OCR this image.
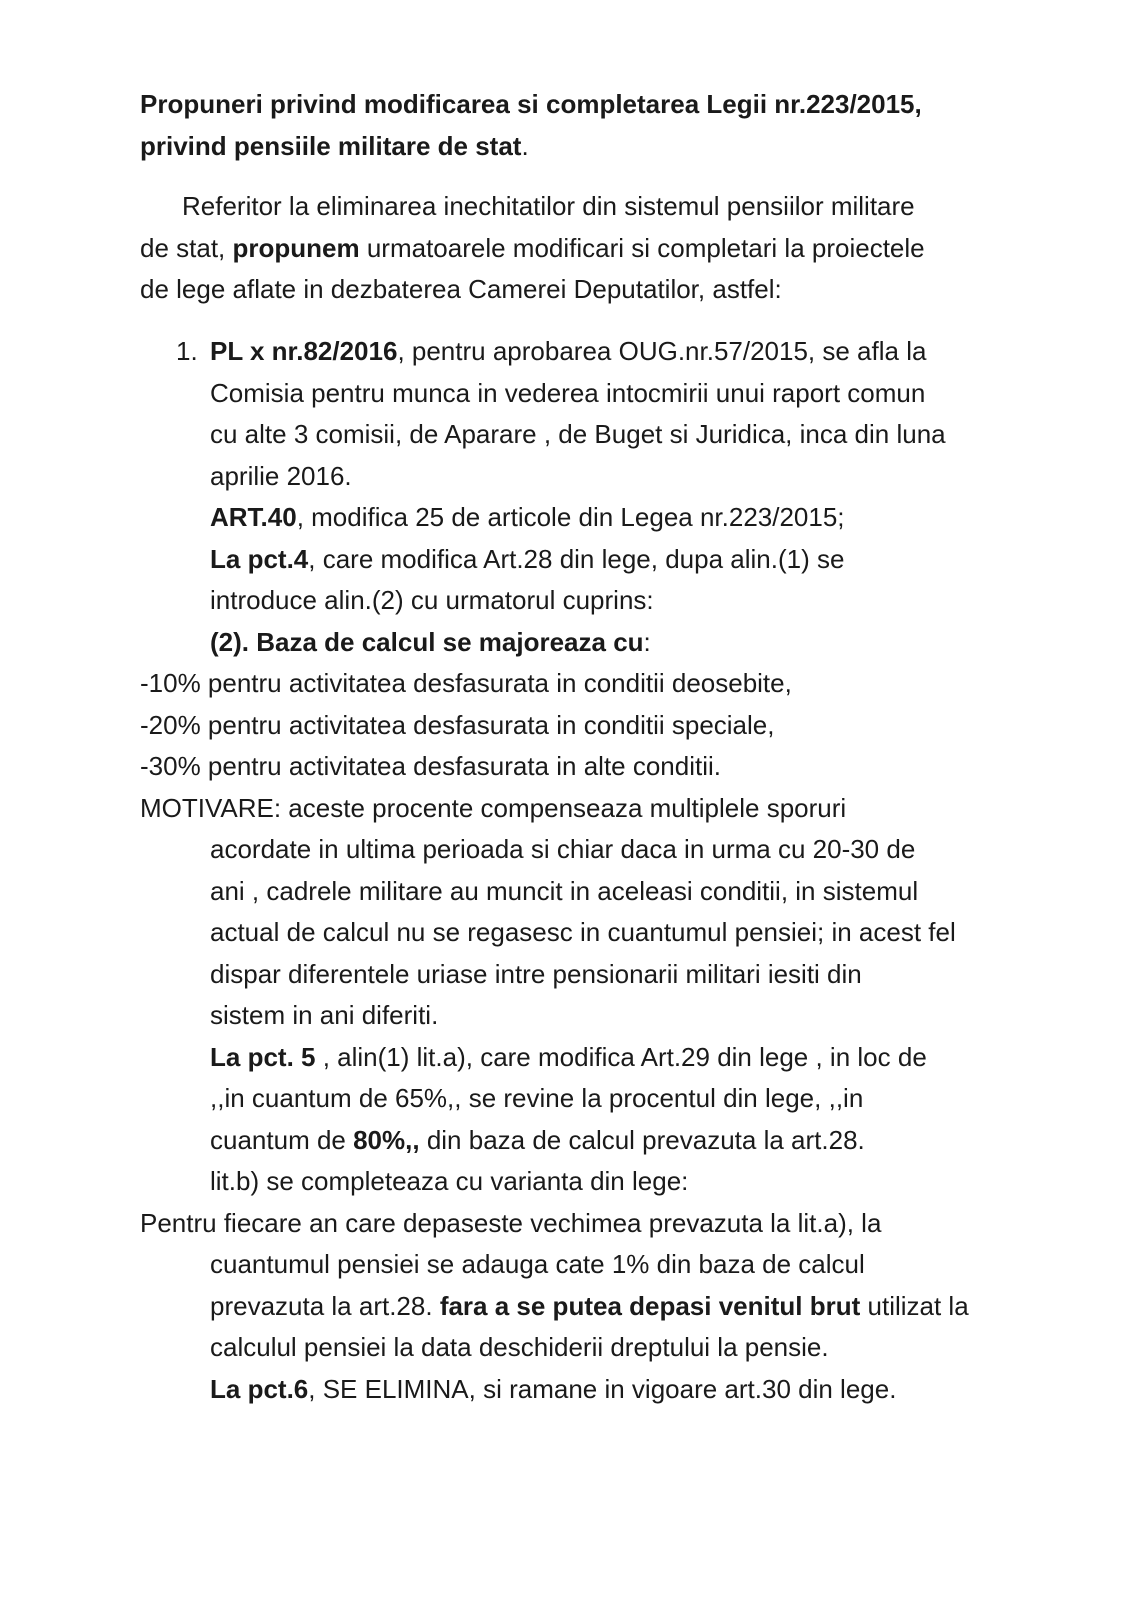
Propuneri privind modificarea si completarea Legii nr.223/2015,
privind pensiile militare de stat.
Referitor la eliminarea inechitatilor din sistemul pensiilor militare
de stat, propunem urmatoarele modificari si completari la proiectele
de lege aflate in dezbaterea Camerei Deputatilor, astfel:
1. PL x nr.82/2016, pentru aprobarea OUG.nr.57/2015, se afla la
Comisia pentru munca in vederea intocmirii unui raport comun
cu alte 3 comisii, de Aparare , de Buget si Juridica, inca din luna
aprilie 2016.
ART.40, modifica 25 de articole din Legea nr.223/2015;
La pct.4, care modifica Art.28 din lege, dupa alin.(1) se
introduce alin.(2) cu urmatorul cuprins:
(2). Baza de calcul se majoreaza cu:
-10% pentru activitatea desfasurata in conditii deosebite,
-20% pentru activitatea desfasurata in conditii speciale,
-30% pentru activitatea desfasurata in alte conditii.
MOTIVARE: aceste procente compenseaza multiplele sporuri
acordate in ultima perioada si chiar daca in urma cu 20-30 de
ani , cadrele militare au muncit in aceleasi conditii, in sistemul
actual de calcul nu se regasesc in cuantumul pensiei; in acest fel
dispar diferentele uriase intre pensionarii militari iesiti din
sistem in ani diferiti.
La pct. 5 , alin(1) lit.a), care modifica Art.29 din lege , in loc de
,,in cuantum de 65%,, se revine la procentul din lege, ,,in
cuantum de 80%,, din baza de calcul prevazuta la art.28.
lit.b) se completeaza cu varianta din lege:
Pentru fiecare an care depaseste vechimea prevazuta la lit.a), la
cuantumul pensiei se adauga cate 1% din baza de calcul
prevazuta la art.28. fara a se putea depasi venitul brut utilizat la
calculul pensiei la data deschiderii dreptului la pensie.
La pct.6, SE ELIMINA, si ramane in vigoare art.30 din lege.
